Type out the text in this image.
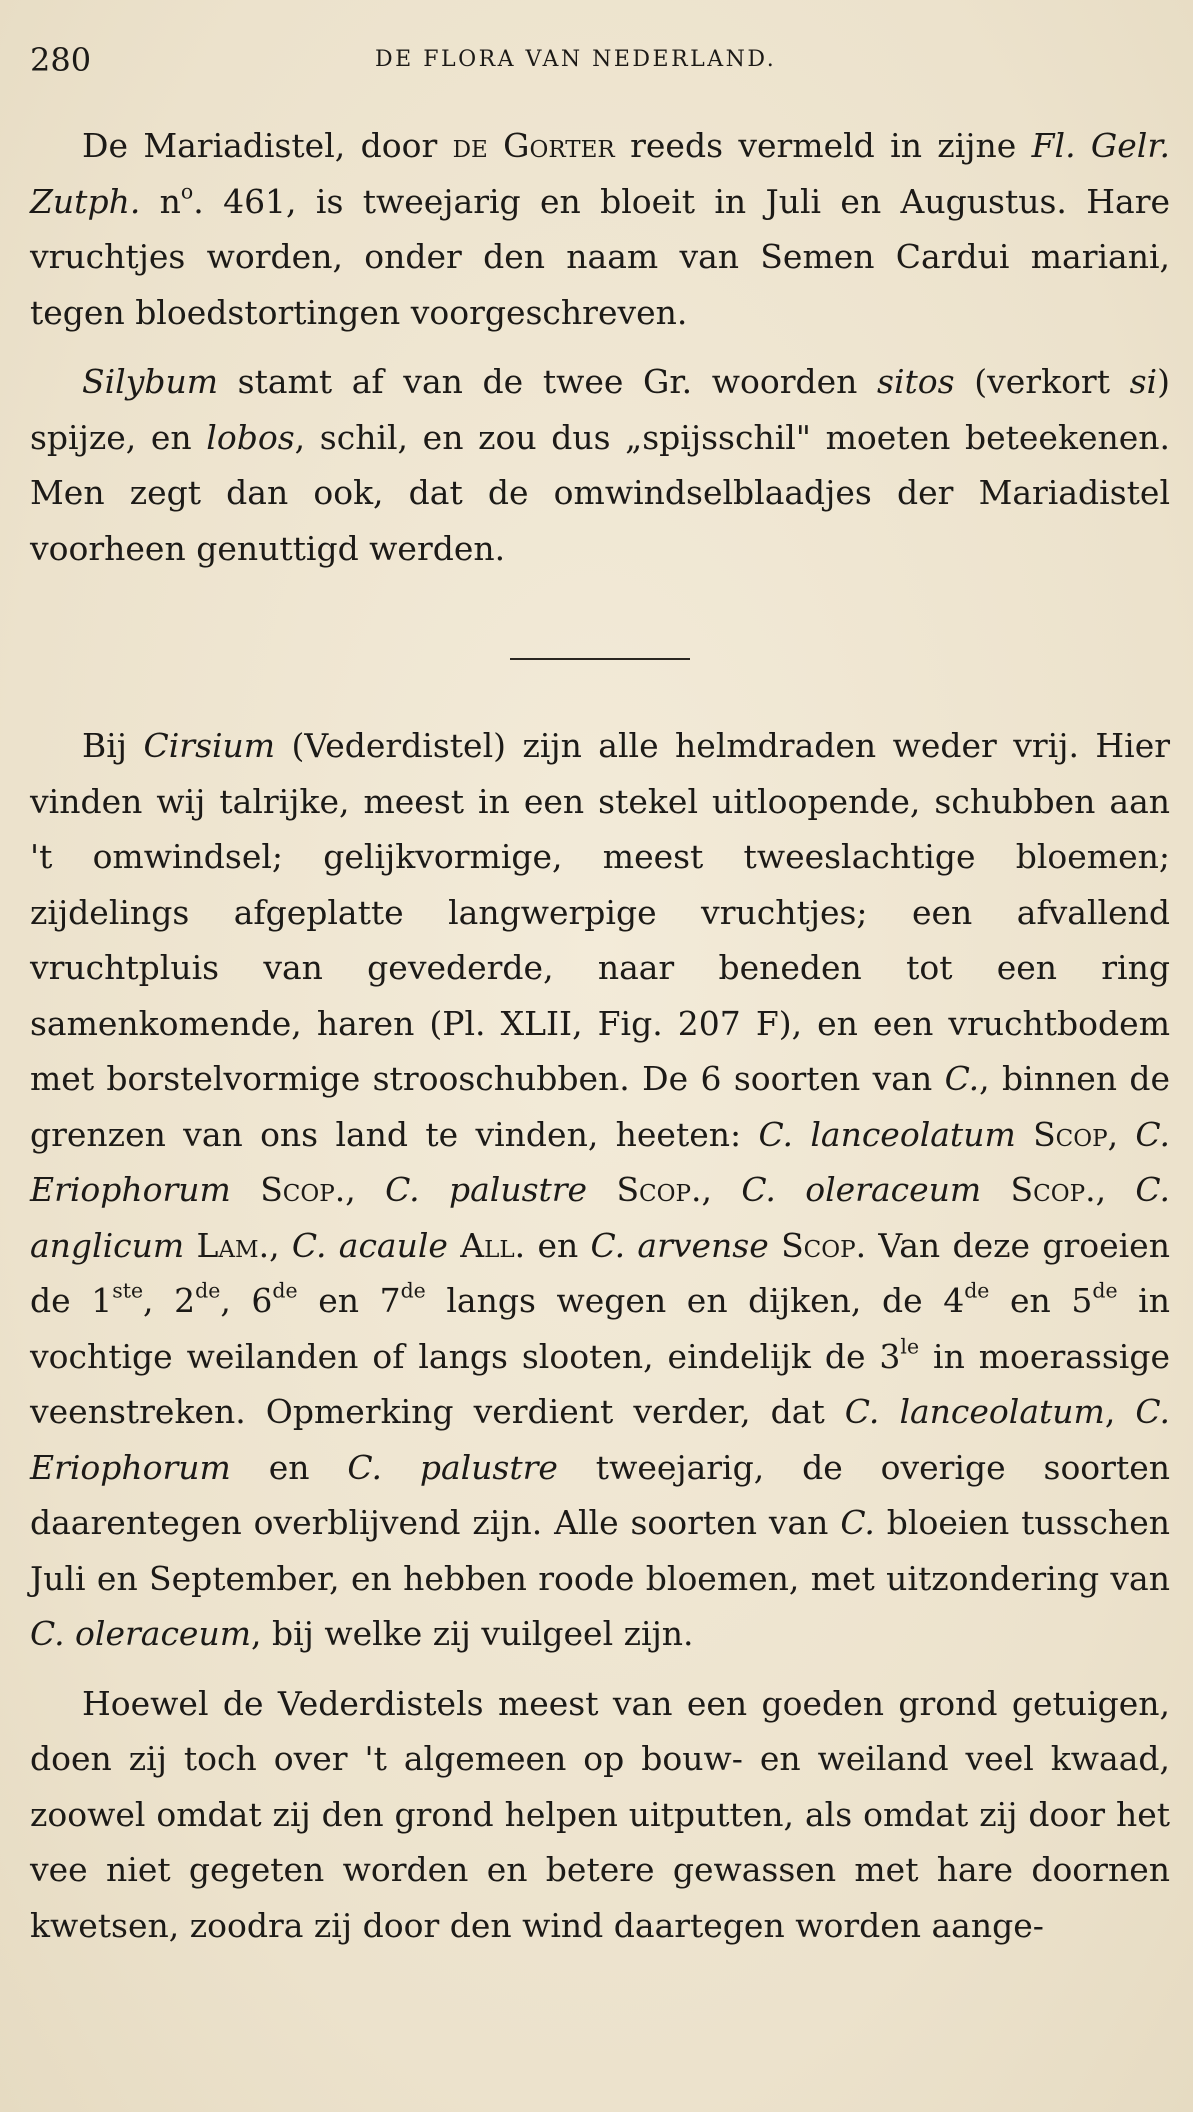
280	DE FLORA VAN NEDERLAND.

De Mariadistel, door de Gorter reeds vermeld in zijne Fl. Gelr. Zutph. $n^o$. 461, is tweejarig en bloeit in Juli en Augustus. Hare vruchtjes worden, onder den naam van Semen Cardui mariani, tegen bloedstortingen voorgeschreven.

Silybum stamt af van de twee Gr. woorden sitos (verkort si) spijze, en lobos, schil, en zou dus „spijsschil" moeten beteekenen. Men zegt dan ook, dat de omwindselblaadjes der Mariadistel voorheen genuttigd werden.

Bij Cirsium (Vederdistel) zijn alle helmdraden weder vrij. Hier vinden wij talrijke, meest in een stekel uitloopende, schubben aan 't omwindsel; gelijkvormige, meest tweeslachtige bloemen; zijdelings afgeplatte langwerpige vruchtjes; een afvallend vruchtpluis van gevederde, naar beneden tot een ring samenkomende, haren (Pl. XLII, Fig. 207 F), en een vruchtbodem met borstelvormige strooschubben. De 6 soorten van C., binnen de grenzen van ons land te vinden, heeten: C. lanceolatum Scop, C. Eriophorum Scop., C. palustre Scop., C. oleraceum Scop., C. anglicum Lam., C. acaule All. en C. arvense Scop. Van deze groeien de 1ste, 2de, 6de en 7de langs wegen en dijken, de 4de en 5de in vochtige weilanden of langs slooten, eindelijk de $3^{le}$ in moerassige veenstreken. Opmerking verdient verder, dat C. lanceolatum, C. Eriophorum en C. palustre tweejarig, de overige soorten daarentegen overblijvend zijn. Alle soorten van C. bloeien tusschen Juli en September, en hebben roode bloemen, met uitzondering van C. oleraceum, bij welke zij vuilgeel zijn.

Hoewel de Vederdistels meest van een goeden grond getuigen, doen zij toch over 't algemeen op bouw- en weiland veel kwaad, zoowel omdat zij den grond helpen uitputten, als omdat zij door het vee niet gegeten worden en betere gewassen met hare doornen kwetsen, zoodra zij door den wind daartegen worden aange-
